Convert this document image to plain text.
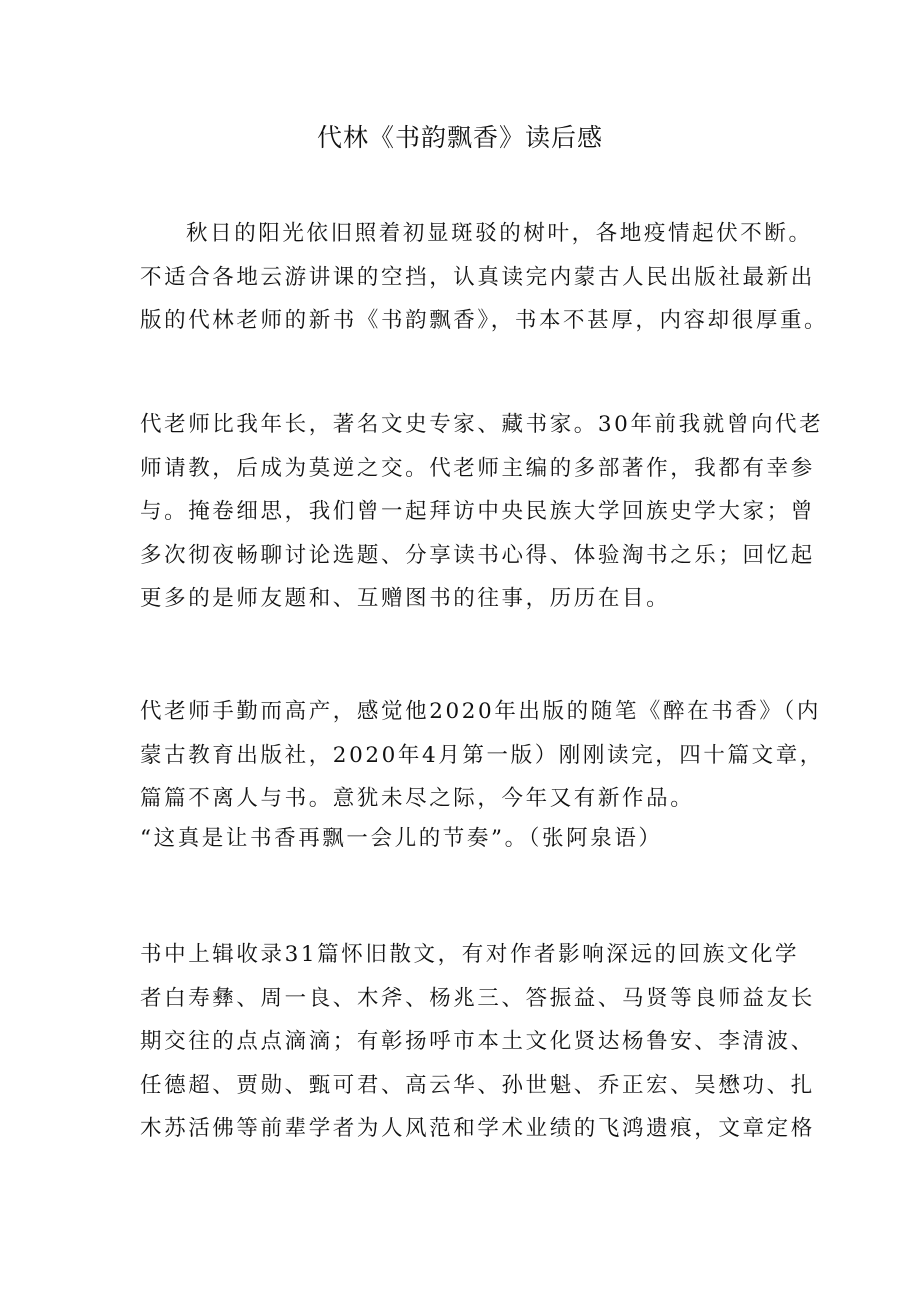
代林《书韵飘香》读后感
秋日的阳光依旧照着初显斑驳的树叶，各地疫情起伏不断。
不适合各地云游讲课的空挡，认真读完内蒙古人民出版社最新出
版的代林老师的新书《书韵飘香》，书本不甚厚，内容却很厚重。
代老师比我年长，著名文史专家、藏书家。30年前我就曾向代老
师请教，后成为莫逆之交。代老师主编的多部著作，我都有幸参
与。掩卷细思，我们曾一起拜访中央民族大学回族史学大家；曾
多次彻夜畅聊讨论选题、分享读书心得、体验淘书之乐；回忆起
更多的是师友题和、互赠图书的往事，历历在目。
代老师手勤而高产，感觉他2020年出版的随笔《醉在书香》（内
蒙古教育出版社，2020年4月第一版）刚刚读完，四十篇文章，
篇篇不离人与书。意犹未尽之际，今年又有新作品。
“这真是让书香再飘一会儿的节奏”。（张阿泉语）
书中上辑收录31篇怀旧散文，有对作者影响深远的回族文化学
者白寿彝、周一良、木斧、杨兆三、答振益、马贤等良师益友长
期交往的点点滴滴；有彰扬呼市本土文化贤达杨鲁安、李清波、
任德超、贾勋、甄可君、高云华、孙世魁、乔正宏、吴懋功、扎
木苏活佛等前辈学者为人风范和学术业绩的飞鸿遗痕，文章定格
